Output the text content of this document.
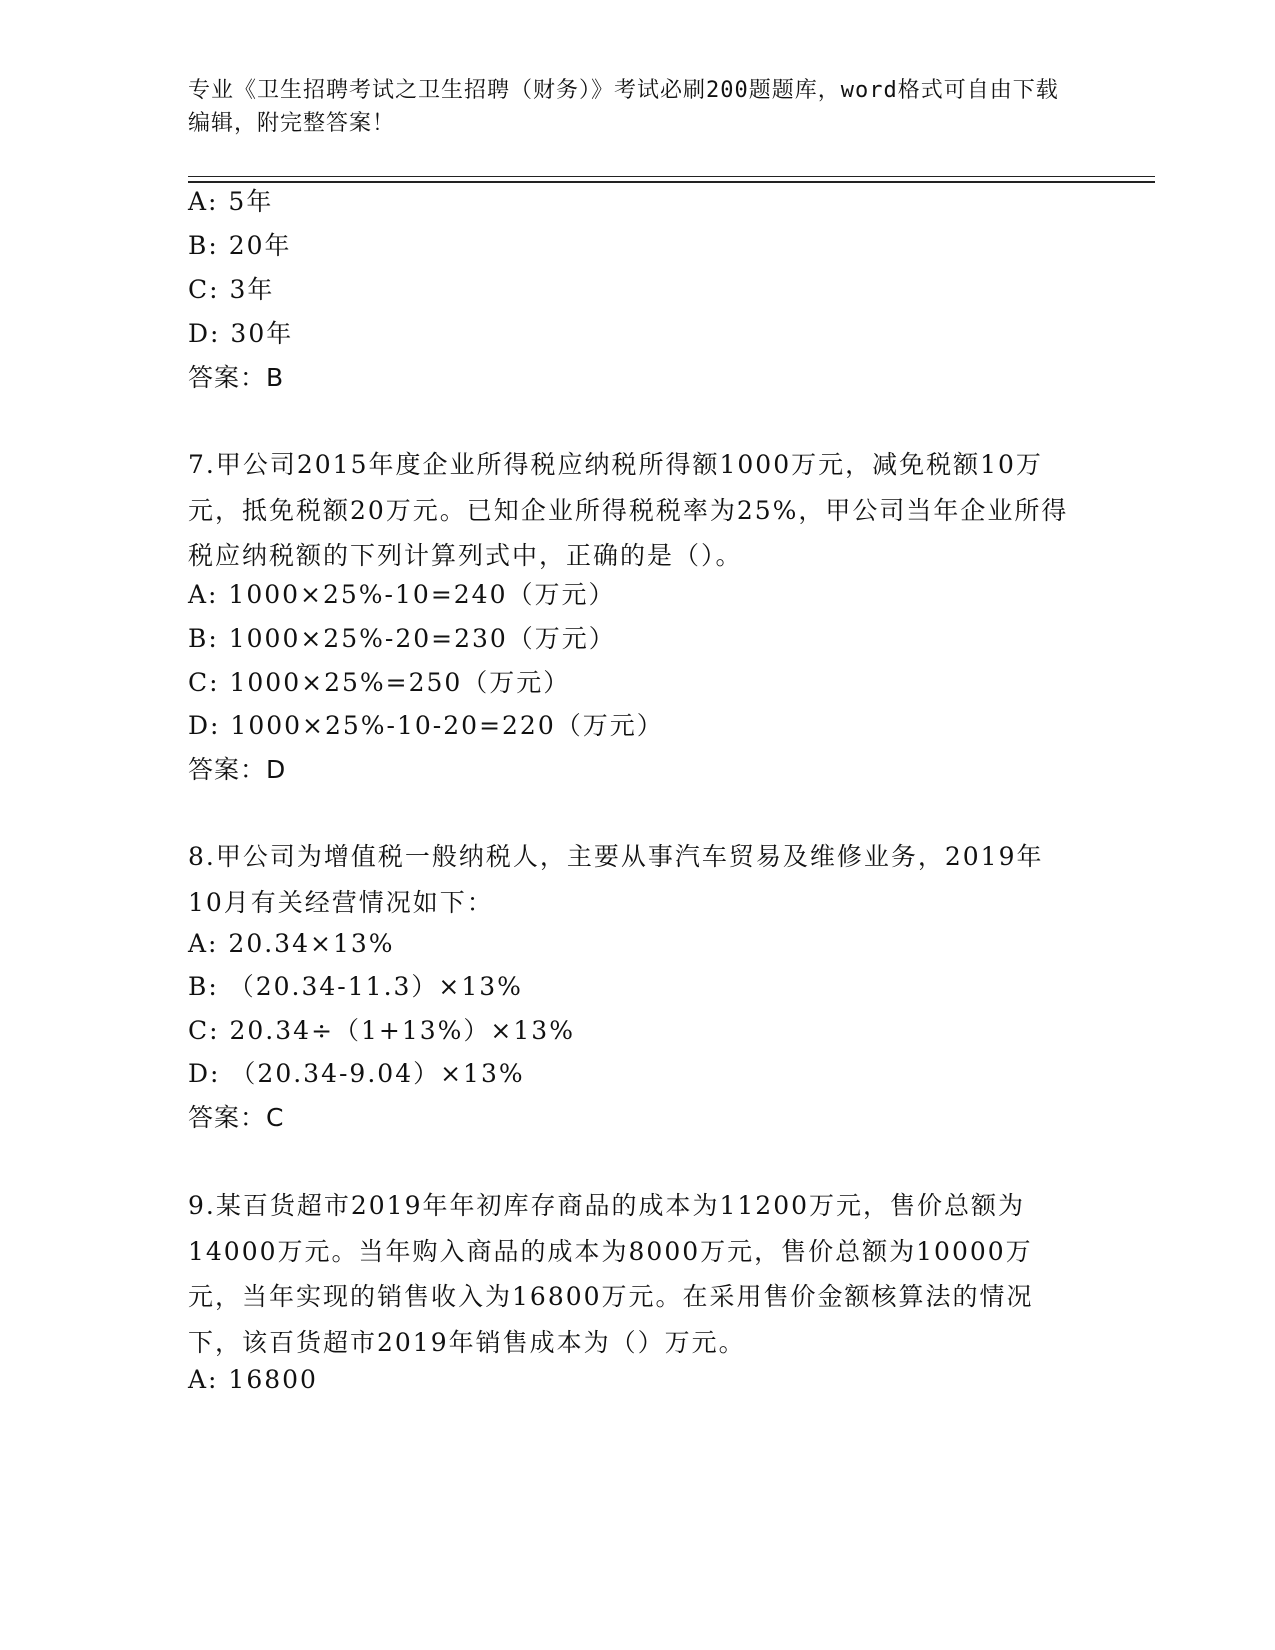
专业《卫生招聘考试之卫生招聘（财务）》考试必刷200题题库，word格式可自由下载编辑，附完整答案！

A: 5年

B: 20年

C: 3年

D: 30年

答案：B

7.甲公司2015年度企业所得税应纳税所得额1000万元，减免税额10万元，抵免税额20万元。已知企业所得税税率为25%，甲公司当年企业所得税应纳税额的下列计算列式中，正确的是（）。

A: 1000×25%-10=240（万元）

B: 1000×25%-20=230（万元）

C: 1000×25%=250（万元）

D: 1000×25%-10-20=220（万元）

答案：D

8.甲公司为增值税一般纳税人，主要从事汽车贸易及维修业务，2019年10月有关经营情况如下：

A: 20.34×13%

B: （20.34-11.3）×13%

C: 20.34÷（1+13%）×13%

D: （20.34-9.04）×13%

答案：C

9.某百货超市2019年年初库存商品的成本为11200万元，售价总额为14000万元。当年购入商品的成本为8000万元，售价总额为10000万元，当年实现的销售收入为16800万元。在采用售价金额核算法的情况下，该百货超市2019年销售成本为（）万元。

A: 16800
